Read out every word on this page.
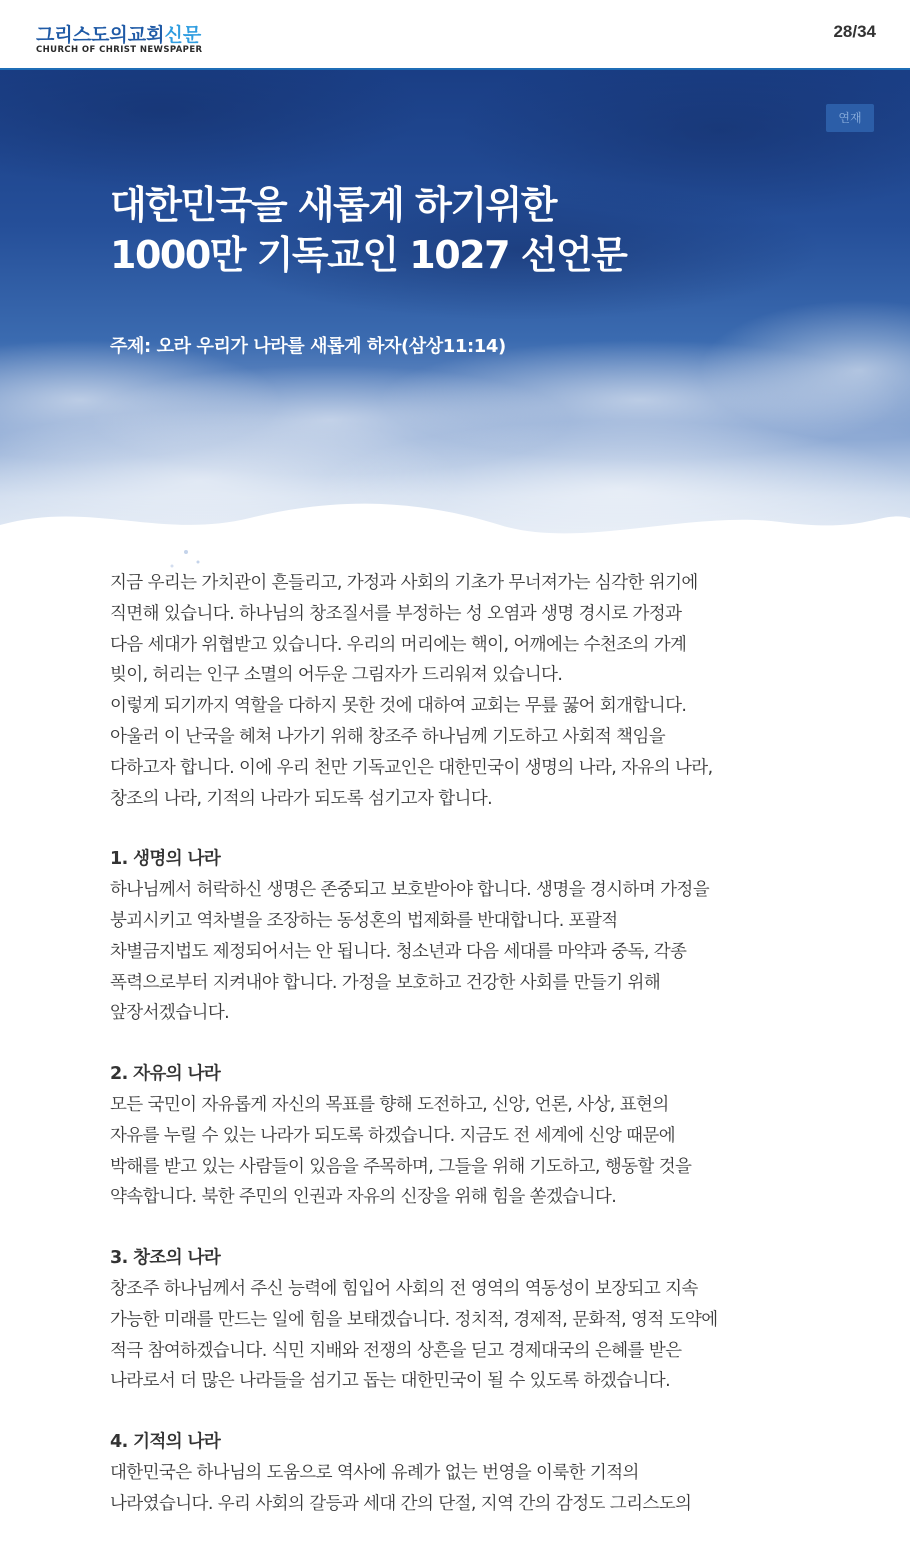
그리스도의교회신문
CHURCH OF CHRIST NEWSPAPER
28/34
연재
대한민국을 새롭게 하기위한
1000만 기독교인 1027 선언문
주제: 오라 우리가 나라를 새롭게 하자(삼상11:14)

지금 우리는 가치관이 흔들리고, 가정과 사회의 기초가 무너져가는 심각한 위기에
직면해 있습니다. 하나님의 창조질서를 부정하는 성 오염과 생명 경시로 가정과
다음 세대가 위협받고 있습니다. 우리의 머리에는 핵이, 어깨에는 수천조의 가계
빚이, 허리는 인구 소멸의 어두운 그림자가 드리워져 있습니다.
이렇게 되기까지 역할을 다하지 못한 것에 대하여 교회는 무릎 꿇어 회개합니다.
아울러 이 난국을 헤쳐 나가기 위해 창조주 하나님께 기도하고 사회적 책임을
다하고자 합니다. 이에 우리 천만 기독교인은 대한민국이 생명의 나라, 자유의 나라,
창조의 나라, 기적의 나라가 되도록 섬기고자 합니다.

1. 생명의 나라
하나님께서 허락하신 생명은 존중되고 보호받아야 합니다. 생명을 경시하며 가정을
붕괴시키고 역차별을 조장하는 동성혼의 법제화를 반대합니다. 포괄적
차별금지법도 제정되어서는 안 됩니다. 청소년과 다음 세대를 마약과 중독, 각종
폭력으로부터 지켜내야 합니다. 가정을 보호하고 건강한 사회를 만들기 위해
앞장서겠습니다.

2. 자유의 나라
모든 국민이 자유롭게 자신의 목표를 향해 도전하고, 신앙, 언론, 사상, 표현의
자유를 누릴 수 있는 나라가 되도록 하겠습니다. 지금도 전 세계에 신앙 때문에
박해를 받고 있는 사람들이 있음을 주목하며, 그들을 위해 기도하고, 행동할 것을
약속합니다. 북한 주민의 인권과 자유의 신장을 위해 힘을 쏟겠습니다.

3. 창조의 나라
창조주 하나님께서 주신 능력에 힘입어 사회의 전 영역의 역동성이 보장되고 지속
가능한 미래를 만드는 일에 힘을 보태겠습니다. 정치적, 경제적, 문화적, 영적 도약에
적극 참여하겠습니다. 식민 지배와 전쟁의 상흔을 딛고 경제대국의 은혜를 받은
나라로서 더 많은 나라들을 섬기고 돕는 대한민국이 될 수 있도록 하겠습니다.

4. 기적의 나라
대한민국은 하나님의 도움으로 역사에 유례가 없는 번영을 이룩한 기적의
나라였습니다. 우리 사회의 갈등과 세대 간의 단절, 지역 간의 감정도 그리스도의
